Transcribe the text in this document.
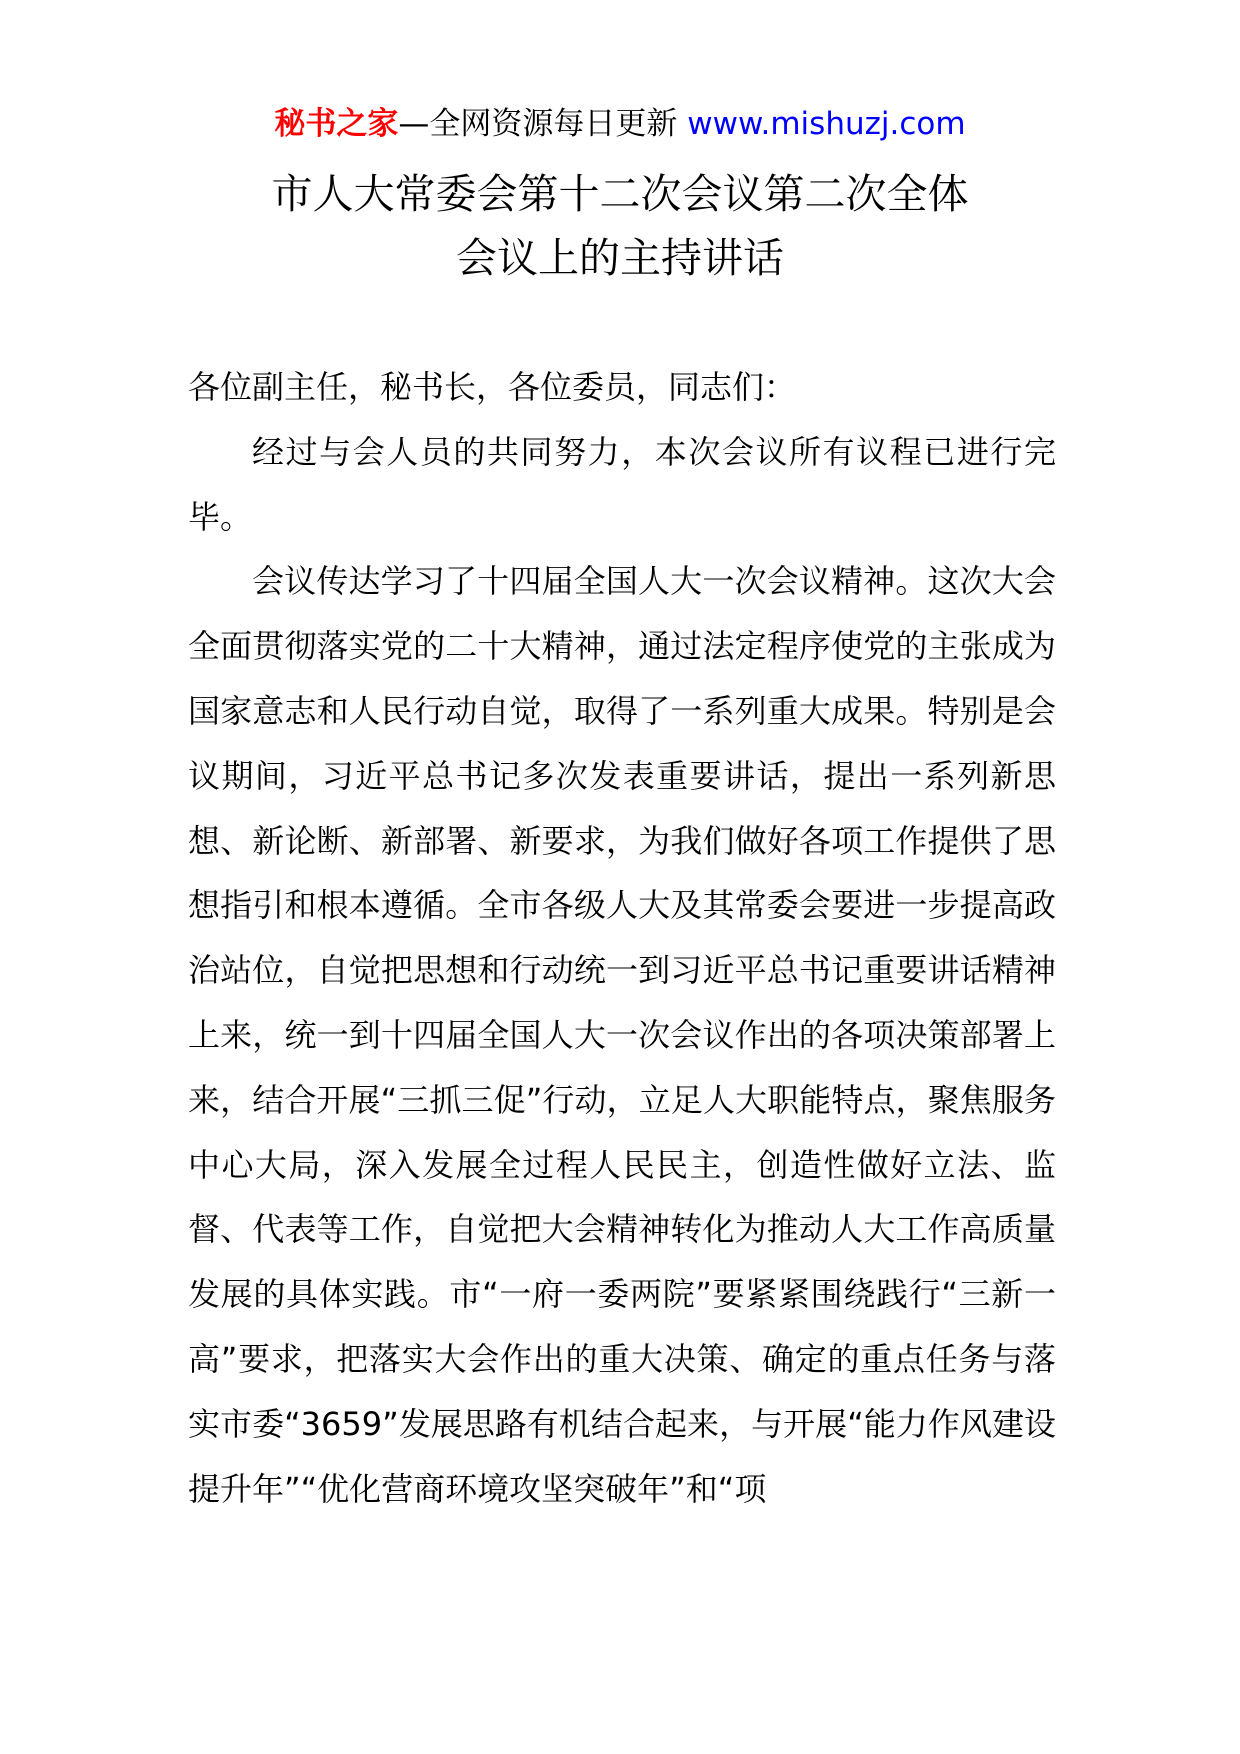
秘书之家—全网资源每日更新 www.mishuzj.com
市人大常委会第十二次会议第二次全体
会议上的主持讲话

各位副主任，秘书长，各位委员，同志们：

经过与会人员的共同努力，本次会议所有议程已进行完毕。

会议传达学习了十四届全国人大一次会议精神。这次大会全面贯彻落实党的二十大精神，通过法定程序使党的主张成为国家意志和人民行动自觉，取得了一系列重大成果。特别是会议期间，习近平总书记多次发表重要讲话，提出一系列新思想、新论断、新部署、新要求，为我们做好各项工作提供了思想指引和根本遵循。全市各级人大及其常委会要进一步提高政治站位，自觉把思想和行动统一到习近平总书记重要讲话精神上来，统一到十四届全国人大一次会议作出的各项决策部署上来，结合开展“三抓三促”行动，立足人大职能特点，聚焦服务中心大局，深入发展全过程人民民主，创造性做好立法、监督、代表等工作，自觉把大会精神转化为推动人大工作高质量发展的具体实践。市“一府一委两院”要紧紧围绕践行“三新一高”要求，把落实大会作出的重大决策、确定的重点任务与落实市委“3659”发展思路有机结合起来，与开展“能力作风建设提升年”“优化营商环境攻坚突破年”和“项
